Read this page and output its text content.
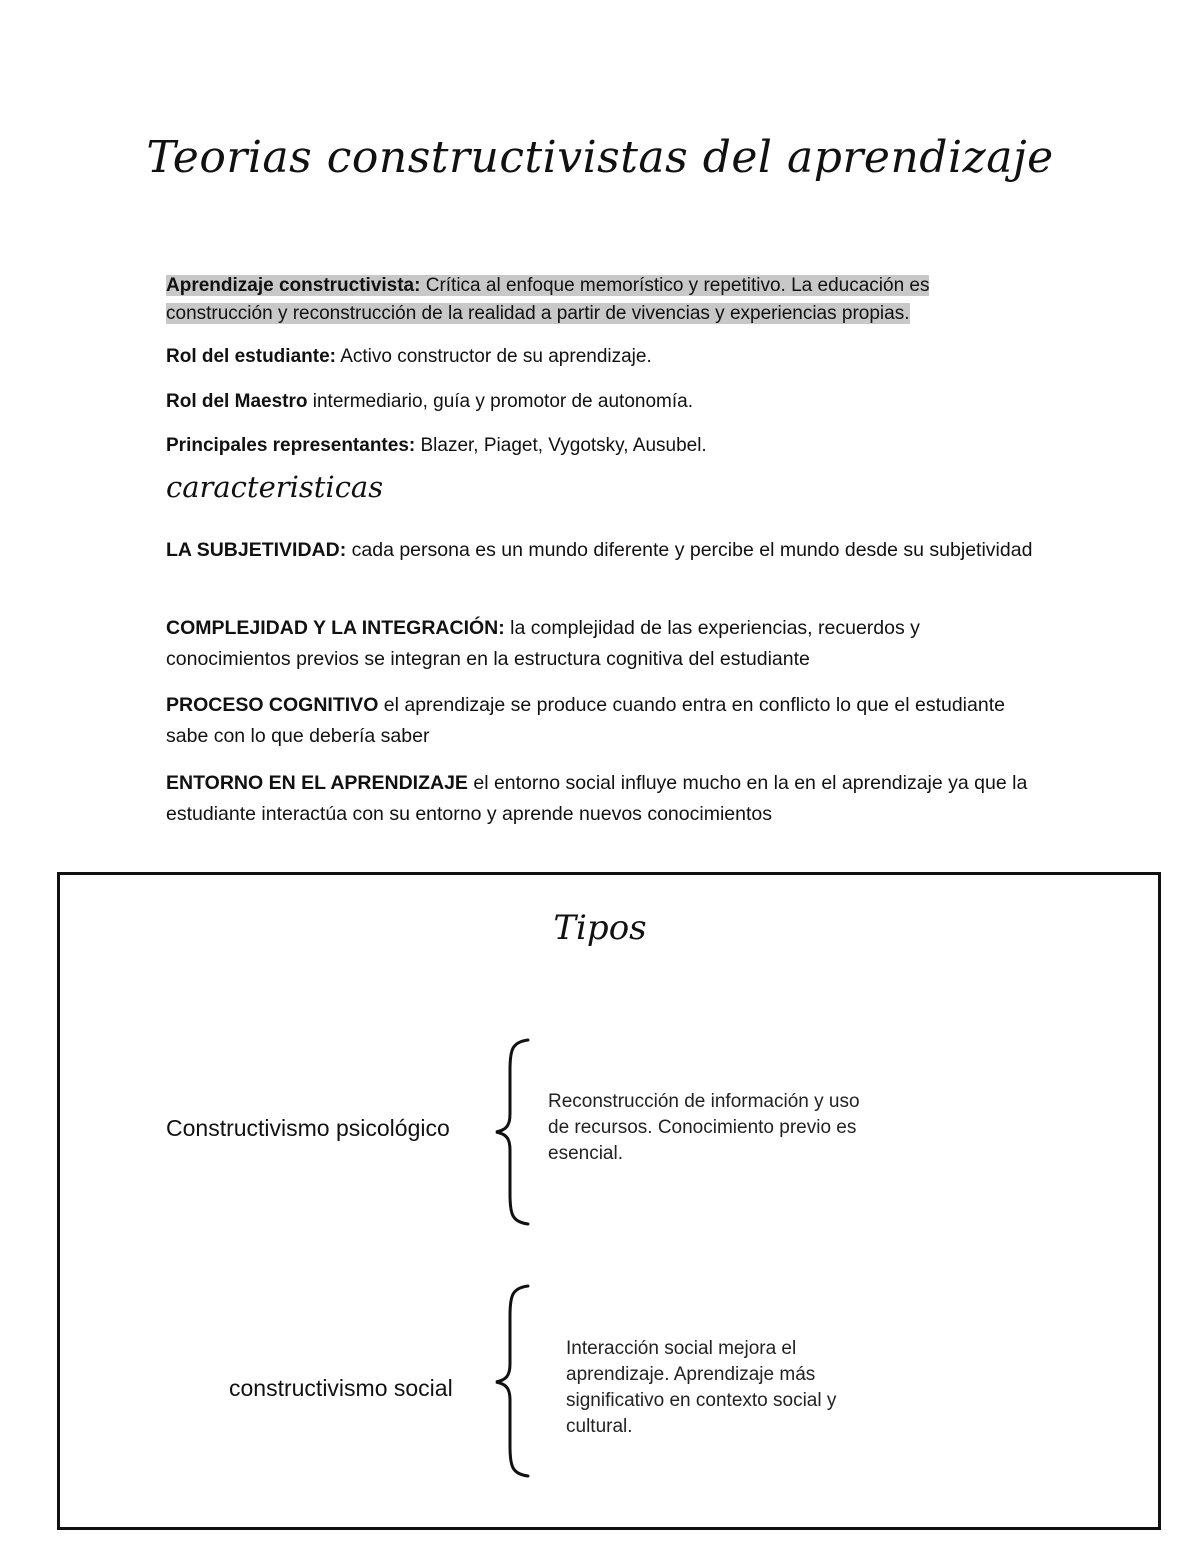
Teorias constructivistas del aprendizaje
Aprendizaje constructivista: Crítica al enfoque memorístico y repetitivo. La educación es construcción y reconstrucción de la realidad a partir de vivencias y experiencias propias.
Rol del estudiante: Activo constructor de su aprendizaje.
Rol del Maestro intermediario, guía y promotor de autonomía.
Principales representantes: Blazer, Piaget, Vygotsky, Ausubel.
caracteristicas
LA SUBJETIVIDAD: cada persona es un mundo diferente y percibe el mundo desde su subjetividad
COMPLEJIDAD Y LA INTEGRACIÓN: la complejidad de las experiencias, recuerdos y conocimientos previos se integran en la estructura cognitiva del estudiante
PROCESO COGNITIVO el aprendizaje se produce cuando entra en conflicto lo que el estudiante sabe con lo que debería saber
ENTORNO EN EL APRENDIZAJE el entorno social influye mucho en la en el aprendizaje ya que la estudiante interactúa con su entorno y aprende nuevos conocimientos
Tipos
Constructivismo psicológico
Reconstrucción de información y uso de recursos. Conocimiento previo es esencial.
constructivismo social
Interacción social mejora el aprendizaje. Aprendizaje más significativo en contexto social y cultural.
